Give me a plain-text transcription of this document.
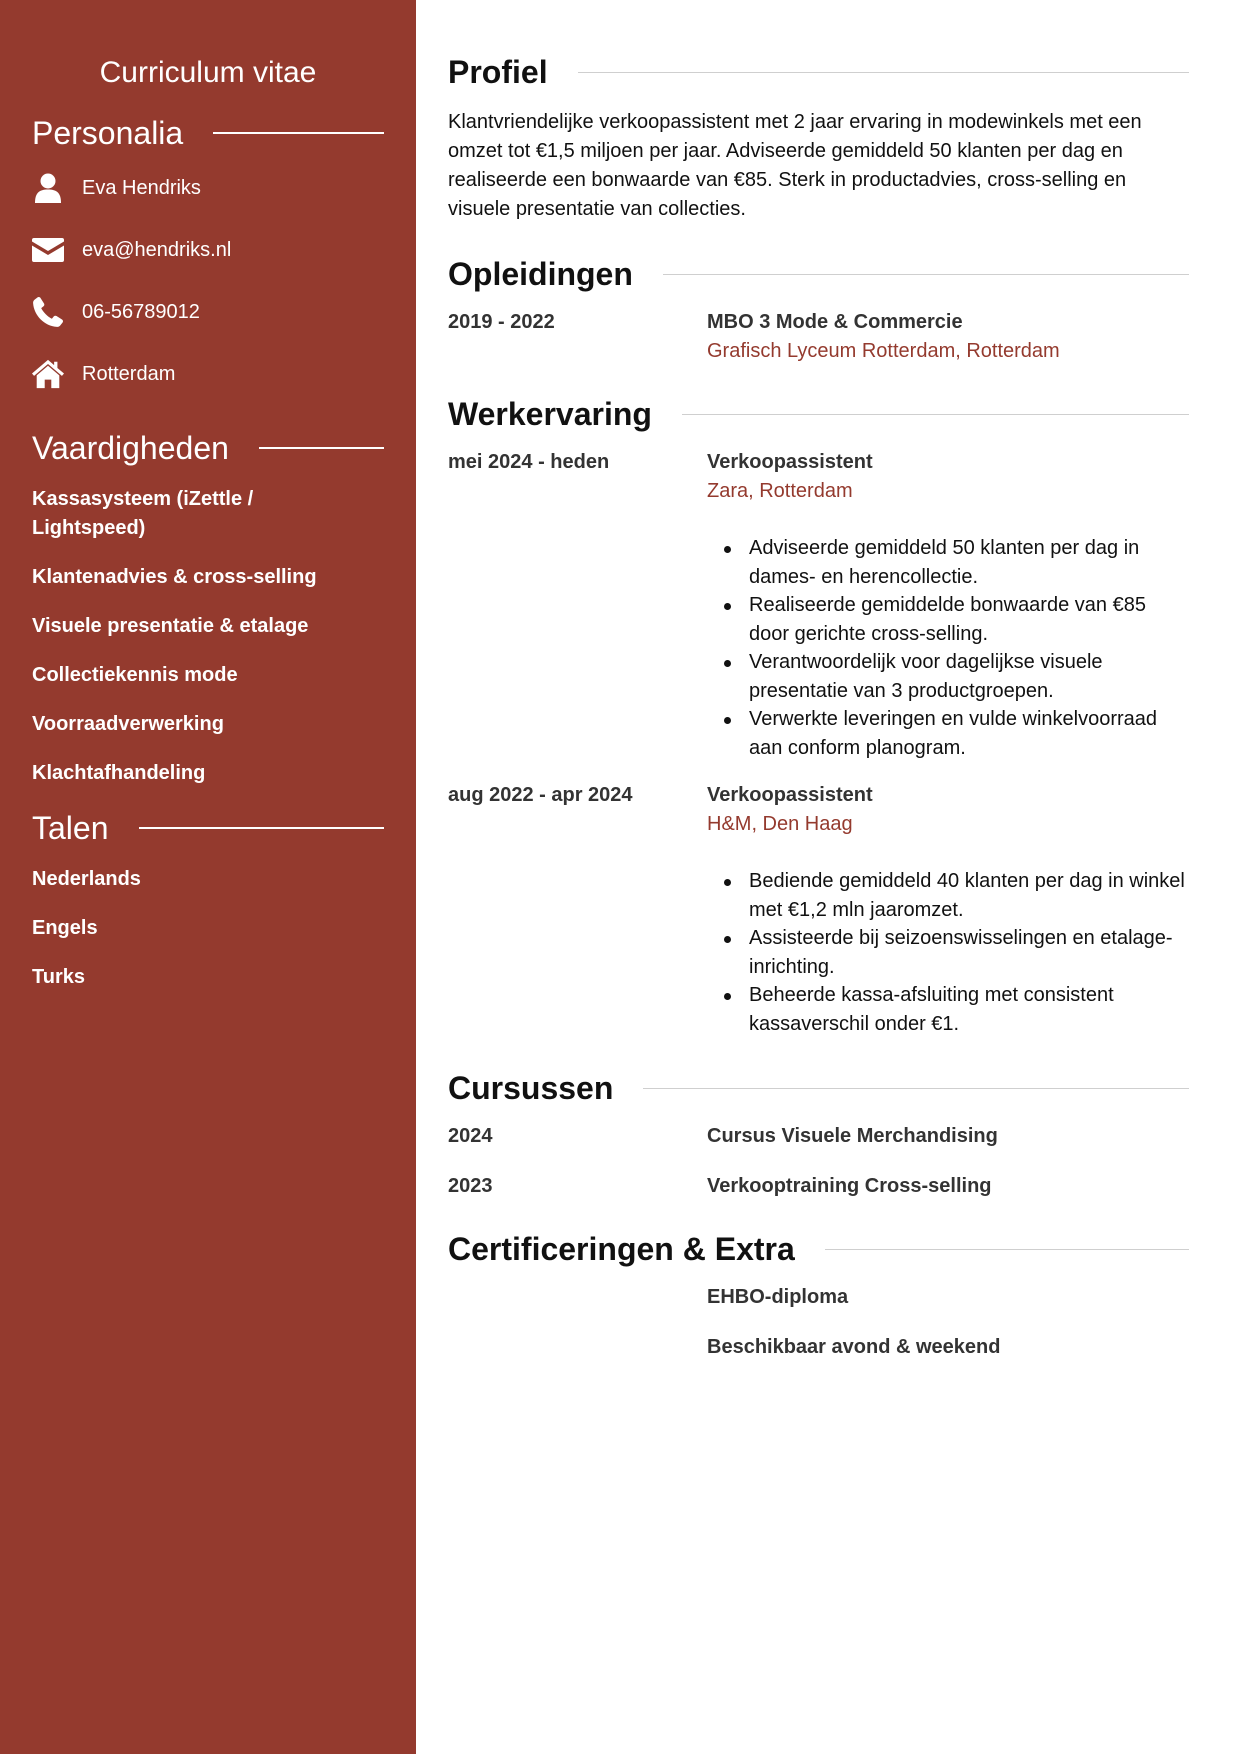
Curriculum vitae
Personalia
Eva Hendriks
eva@hendriks.nl
06-56789012
Rotterdam
Vaardigheden
Kassasysteem (iZettle / Lightspeed)
Klantenadvies & cross-selling
Visuele presentatie & etalage
Collectiekennis mode
Voorraadverwerking
Klachtafhandeling
Talen
Nederlands
Engels
Turks
Profiel

Klantvriendelijke verkoopassistent met 2 jaar ervaring in modewinkels met een omzet tot €1,5 miljoen per jaar. Adviseerde gemiddeld 50 klanten per dag en realiseerde een bonwaarde van €85. Sterk in productadvies, cross-selling en visuele presentatie van collecties.

Opleidingen
2019 - 2022	MBO 3 Mode & Commercie
Grafisch Lyceum Rotterdam, Rotterdam
Werkervaring
mei 2024 - heden	Verkoopassistent
Zara, Rotterdam
Adviseerde gemiddeld 50 klanten per dag in dames- en herencollectie.
Realiseerde gemiddelde bonwaarde van €85 door gerichte cross-selling.
Verantwoordelijk voor dagelijkse visuele presentatie van 3 productgroepen.
Verwerkte leveringen en vulde winkelvoorraad aan conform planogram.
aug 2022 - apr 2024	Verkoopassistent
H&M, Den Haag
Bediende gemiddeld 40 klanten per dag in winkel met €1,2 mln jaaromzet.
Assisteerde bij seizoenswisselingen en etalage-inrichting.
Beheerde kassa-afsluiting met consistent kassaverschil onder €1.
Cursussen
2024	Cursus Visuele Merchandising
2023	Verkooptraining Cross-selling
Certificeringen & Extra
EHBO-diploma
Beschikbaar avond & weekend
